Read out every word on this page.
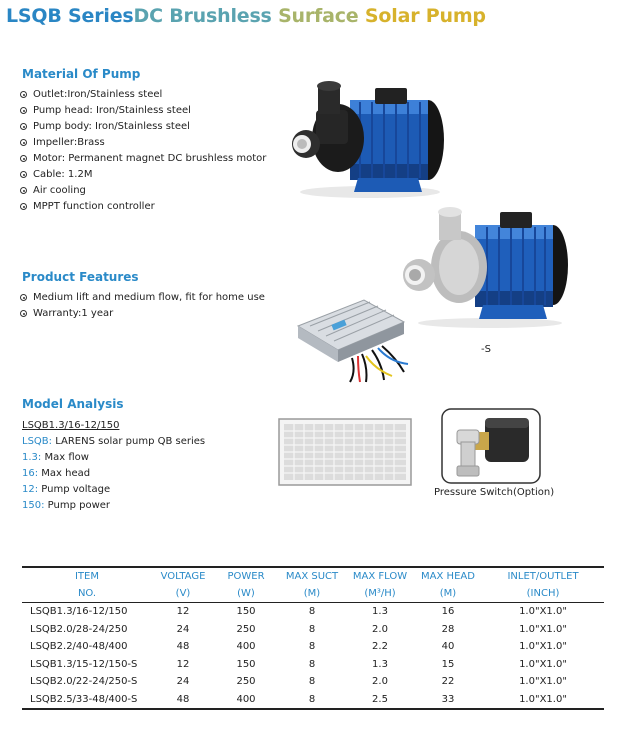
LSQB SeriesDC Brushless Surface Solar Pump
Material Of Pump
Outlet:Iron/Stainless steel
Pump head: Iron/Stainless steel
Pump body: Iron/Stainless steel
Impeller:Brass
Motor: Permanent magnet DC brushless motor
Cable: 1.2M
Air cooling
MPPT function controller
Product Features
Medium lift and medium flow, fit for home use
Warranty:1 year
-S
Model Analysis
LSQB1.3/16-12/150
LSQB: LARENS solar pump QB series
1.3: Max flow
16: Max head
12: Pump voltage
150: Pump power
Pressure Switch(Option)
ITEM	VOLTAGE	POWER	MAX SUCT	MAX FLOW	MAX HEAD	INLET/OUTLET
NO.	(V)	(W)	(M)	(M³/H)	(M)	(INCH)
LSQB1.3/16-12/150	12	150	8	1.3	16	1.0"X1.0"
LSQB2.0/28-24/250	24	250	8	2.0	28	1.0"X1.0"
LSQB2.2/40-48/400	48	400	8	2.2	40	1.0"X1.0"
LSQB1.3/15-12/150-S	12	150	8	1.3	15	1.0"X1.0"
LSQB2.0/22-24/250-S	24	250	8	2.0	22	1.0"X1.0"
LSQB2.5/33-48/400-S	48	400	8	2.5	33	1.0"X1.0"
